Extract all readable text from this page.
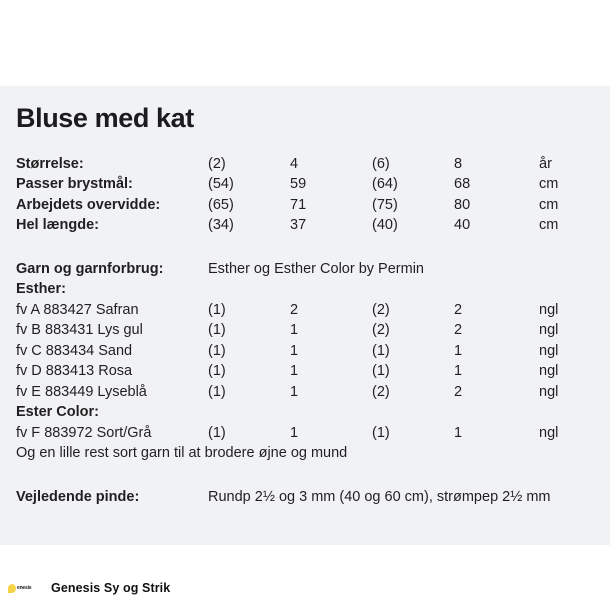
Bluse med kat
Størrelse:	(2)	4	(6)	8	år
Passer brystmål:	(54)	59	(64)	68	cm
Arbejdets overvidde:	(65)	71	(75)	80	cm
Hel længde:	(34)	37	(40)	40	cm
Garn og garnforbrug:	Esther og Esther Color by Permin
Esther:
fv A 883427 Safran	(1)	2	(2)	2	ngl
fv B 883431 Lys gul	(1)	1	(2)	2	ngl
fv C 883434 Sand	(1)	1	(1)	1	ngl
fv D 883413 Rosa	(1)	1	(1)	1	ngl
fv E 883449 Lyseblå	(1)	1	(2)	2	ngl
Ester Color:
fv F 883972 Sort/Grå	(1)	1	(1)	1	ngl
Og en lille rest sort garn til at brodere øjne og mund
Vejledende pinde:	Rundp 2½ og 3 mm (40 og 60 cm), strømpep 2½ mm
enesis Genesis Sy og Strik
